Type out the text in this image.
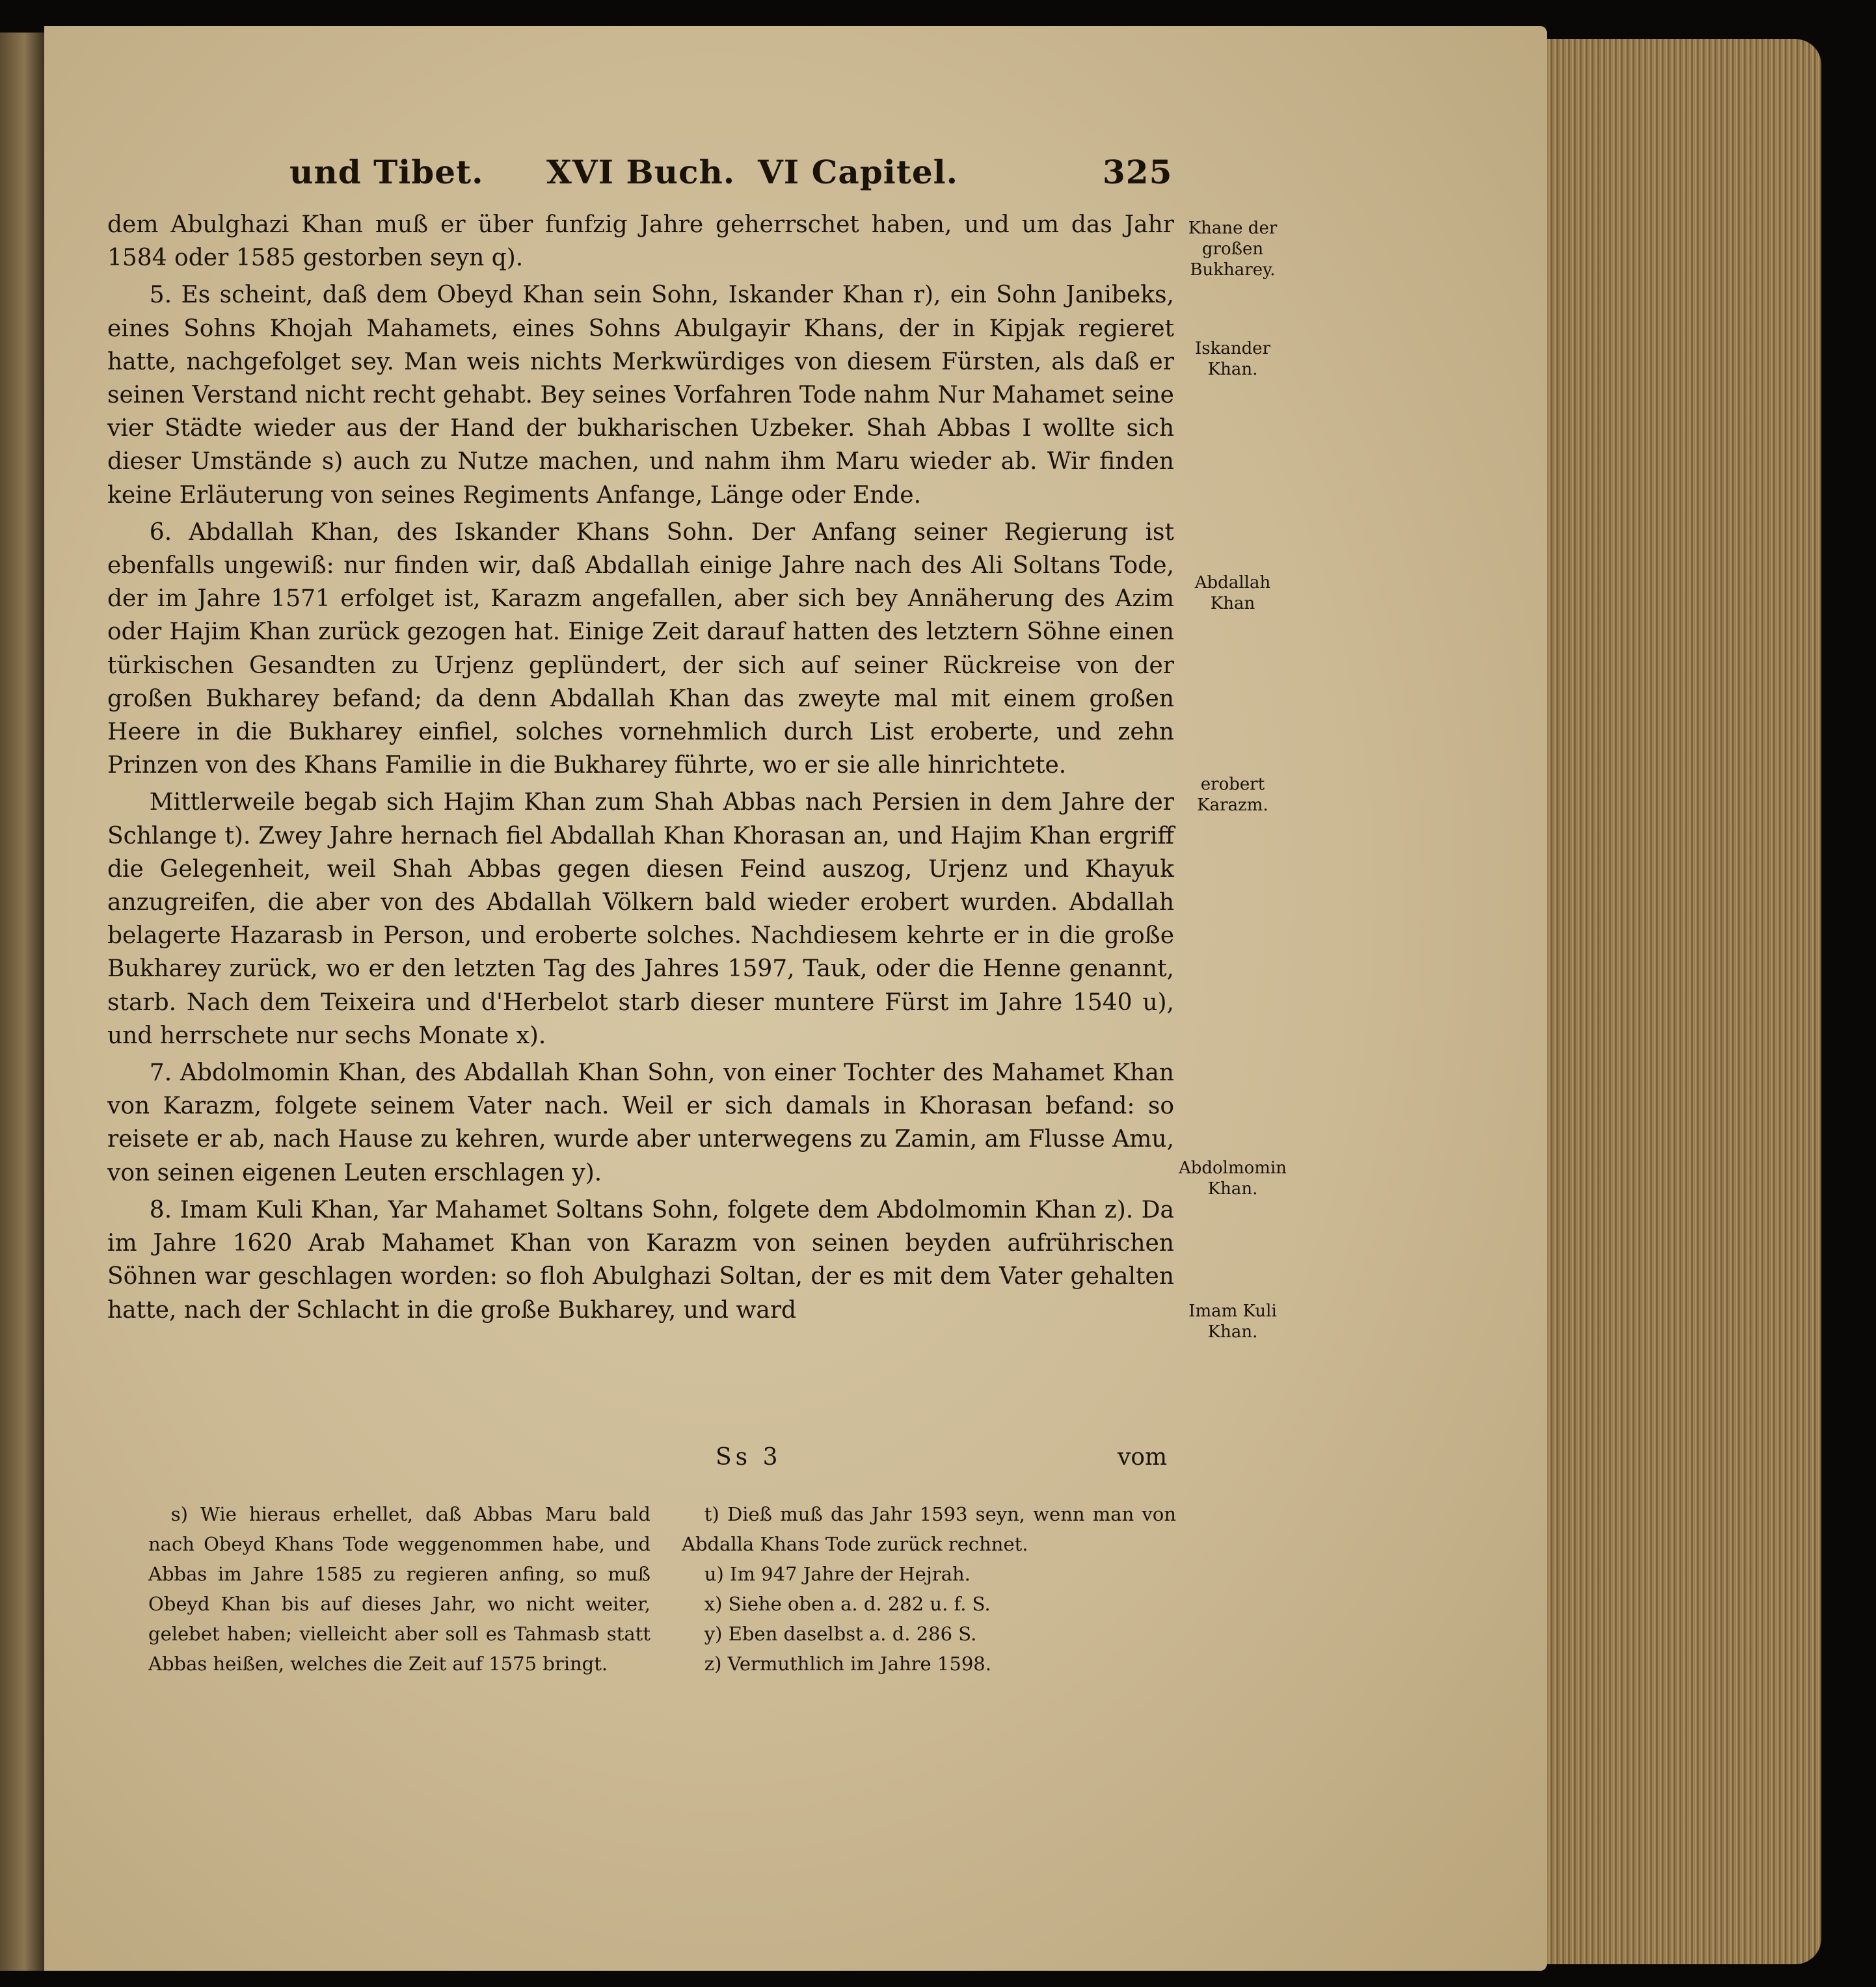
und Tibet. XVI Buch. VI Capitel.	325

dem Abulghazi Khan muß er über funfzig Jahre geherrschet haben, und um das Jahr 1584 oder 1585 gestorben seyn q).

5. Es scheint, daß dem Obeyd Khan sein Sohn, Iskander Khan r), ein Sohn Janibeks, eines Sohns Khojah Mahamets, eines Sohns Abulgayir Khans, der in Kipjak regieret hatte, nachgefolget sey. Man weis nichts Merkwürdiges von diesem Fürsten, als daß er seinen Verstand nicht recht gehabt. Bey seines Vorfahren Tode nahm Nur Mahamet seine vier Städte wieder aus der Hand der bukharischen Uzbeker. Shah Abbas I wollte sich dieser Umstände s) auch zu Nutze machen, und nahm ihm Maru wieder ab. Wir finden keine Erläuterung von seines Regiments Anfange, Länge oder Ende.

6. Abdallah Khan, des Iskander Khans Sohn. Der Anfang seiner Regierung ist ebenfalls ungewiß: nur finden wir, daß Abdallah einige Jahre nach des Ali Soltans Tode, der im Jahre 1571 erfolget ist, Karazm angefallen, aber sich bey Annäherung des Azim oder Hajim Khan zurück gezogen hat. Einige Zeit darauf hatten des letztern Söhne einen türkischen Gesandten zu Urjenz geplündert, der sich auf seiner Rückreise von der großen Bukharey befand; da denn Abdallah Khan das zweyte mal mit einem großen Heere in die Bukharey einfiel, solches vornehmlich durch List eroberte, und zehn Prinzen von des Khans Familie in die Bukharey führte, wo er sie alle hinrichtete.

Mittlerweile begab sich Hajim Khan zum Shah Abbas nach Persien in dem Jahre der Schlange t). Zwey Jahre hernach fiel Abdallah Khan Khorasan an, und Hajim Khan ergriff die Gelegenheit, weil Shah Abbas gegen diesen Feind auszog, Urjenz und Khayuk anzugreifen, die aber von des Abdallah Völkern bald wieder erobert wurden. Abdallah belagerte Hazarasb in Person, und eroberte solches. Nachdiesem kehrte er in die große Bukharey zurück, wo er den letzten Tag des Jahres 1597, Tauk, oder die Henne genannt, starb. Nach dem Teixeira und d'Herbelot starb dieser muntere Fürst im Jahre 1540 u), und herrschete nur sechs Monate x).

7. Abdolmomin Khan, des Abdallah Khan Sohn, von einer Tochter des Mahamet Khan von Karazm, folgete seinem Vater nach. Weil er sich damals in Khorasan befand: so reisete er ab, nach Hause zu kehren, wurde aber unterwegens zu Zamin, am Flusse Amu, von seinen eigenen Leuten erschlagen y).

8. Imam Kuli Khan, Yar Mahamet Soltans Sohn, folgete dem Abdolmomin Khan z). Da im Jahre 1620 Arab Mahamet Khan von Karazm von seinen beyden aufrührischen Söhnen war geschlagen worden: so floh Abulghazi Soltan, der es mit dem Vater gehalten hatte, nach der Schlacht in die große Bukharey, und ward

Ss 3	vom
Khane der großen Bukharey.
Iskander Khan.
Abdallah Khan
erobert Karazm.
Abdolmomin Khan.
Imam Kuli Khan.

s) Wie hieraus erhellet, daß Abbas Maru bald nach Obeyd Khans Tode weggenommen habe, und Abbas im Jahre 1585 zu regieren anfing, so muß Obeyd Khan bis auf dieses Jahr, wo nicht weiter, gelebet haben; vielleicht aber soll es Tahmasb statt Abbas heißen, welches die Zeit auf 1575 bringt.

t) Dieß muß das Jahr 1593 seyn, wenn man von Abdalla Khans Tode zurück rechnet.

u) Im 947 Jahre der Hejrah.

x) Siehe oben a. d. 282 u. f. S.

y) Eben daselbst a. d. 286 S.

z) Vermuthlich im Jahre 1598.
